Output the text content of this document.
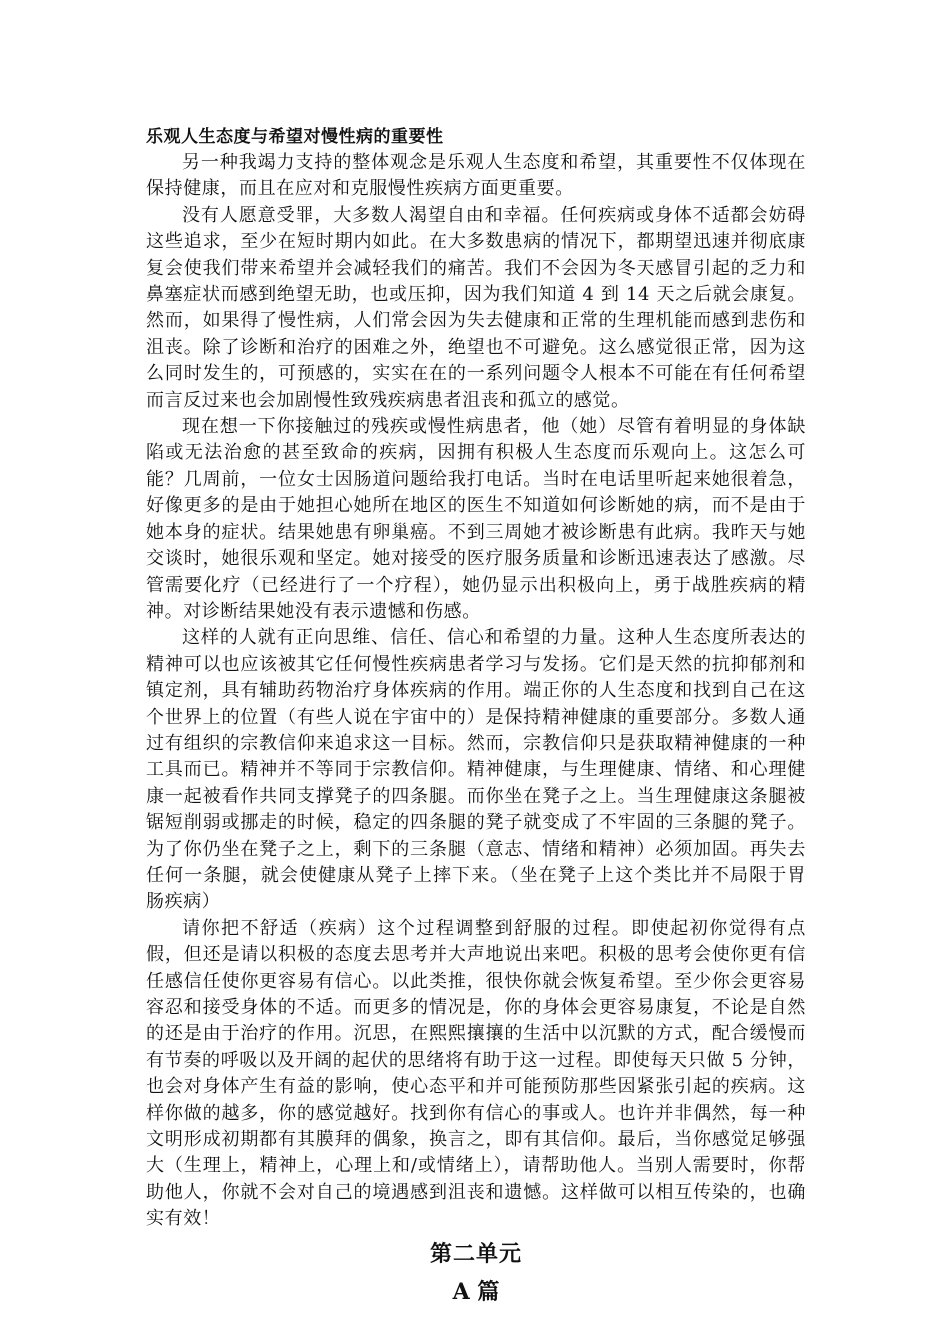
乐观人生态度与希望对慢性病的重要性

另一种我竭力支持的整体观念是乐观人生态度和希望，其重要性不仅体现在保持健康，而且在应对和克服慢性疾病方面更重要。

没有人愿意受罪，大多数人渴望自由和幸福。任何疾病或身体不适都会妨碍这些追求，至少在短时期内如此。在大多数患病的情况下，都期望迅速并彻底康复会使我们带来希望并会减轻我们的痛苦。我们不会因为冬天感冒引起的乏力和鼻塞症状而感到绝望无助，也或压抑，因为我们知道 4 到 14 天之后就会康复。然而，如果得了慢性病，人们常会因为失去健康和正常的生理机能而感到悲伤和沮丧。除了诊断和治疗的困难之外，绝望也不可避免。这么感觉很正常，因为这么同时发生的，可预感的，实实在在的一系列问题令人根本不可能在有任何希望而言反过来也会加剧慢性致残疾病患者沮丧和孤立的感觉。

现在想一下你接触过的残疾或慢性病患者，他（她）尽管有着明显的身体缺陷或无法治愈的甚至致命的疾病，因拥有积极人生态度而乐观向上。这怎么可能？几周前，一位女士因肠道问题给我打电话。当时在电话里听起来她很着急，好像更多的是由于她担心她所在地区的医生不知道如何诊断她的病，而不是由于她本身的症状。结果她患有卵巢癌。不到三周她才被诊断患有此病。我昨天与她交谈时，她很乐观和坚定。她对接受的医疗服务质量和诊断迅速表达了感激。尽管需要化疗（已经进行了一个疗程），她仍显示出积极向上，勇于战胜疾病的精神。对诊断结果她没有表示遗憾和伤感。

这样的人就有正向思维、信任、信心和希望的力量。这种人生态度所表达的精神可以也应该被其它任何慢性疾病患者学习与发扬。它们是天然的抗抑郁剂和镇定剂，具有辅助药物治疗身体疾病的作用。端正你的人生态度和找到自己在这个世界上的位置（有些人说在宇宙中的）是保持精神健康的重要部分。多数人通过有组织的宗教信仰来追求这一目标。然而，宗教信仰只是获取精神健康的一种工具而已。精神并不等同于宗教信仰。精神健康，与生理健康、情绪、和心理健康一起被看作共同支撑凳子的四条腿。而你坐在凳子之上。当生理健康这条腿被锯短削弱或挪走的时候，稳定的四条腿的凳子就变成了不牢固的三条腿的凳子。为了你仍坐在凳子之上，剩下的三条腿（意志、情绪和精神）必须加固。再失去任何一条腿，就会使健康从凳子上摔下来。（坐在凳子上这个类比并不局限于胃肠疾病）

请你把不舒适（疾病）这个过程调整到舒服的过程。即使起初你觉得有点假，但还是请以积极的态度去思考并大声地说出来吧。积极的思考会使你更有信任感信任使你更容易有信心。以此类推，很快你就会恢复希望。至少你会更容易容忍和接受身体的不适。而更多的情况是，你的身体会更容易康复，不论是自然的还是由于治疗的作用。沉思，在熙熙攘攘的生活中以沉默的方式，配合缓慢而有节奏的呼吸以及开阔的起伏的思绪将有助于这一过程。即使每天只做 5 分钟，也会对身体产生有益的影响，使心态平和并可能预防那些因紧张引起的疾病。这样你做的越多，你的感觉越好。找到你有信心的事或人。也许并非偶然，每一种文明形成初期都有其膜拜的偶象，换言之，即有其信仰。最后，当你感觉足够强大（生理上，精神上，心理上和/或情绪上），请帮助他人。当别人需要时，你帮助他人，你就不会对自己的境遇感到沮丧和遗憾。这样做可以相互传染的，也确实有效！

第二单元
A 篇
